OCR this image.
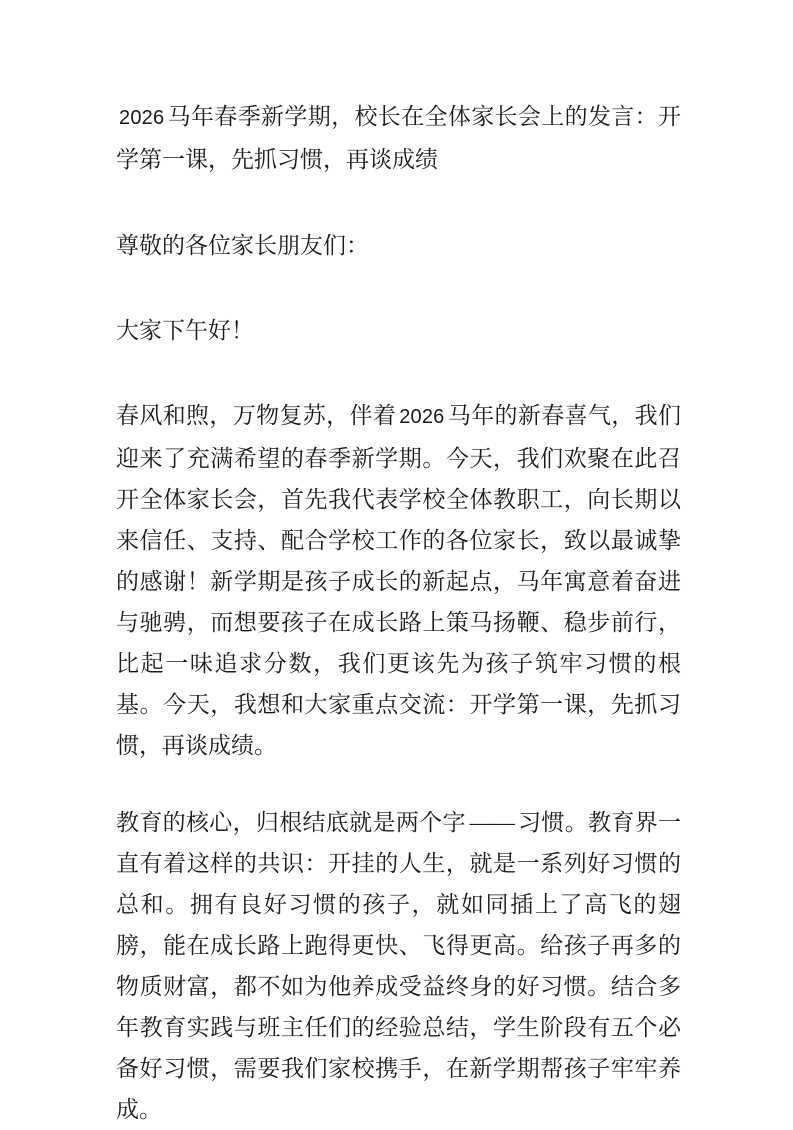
2026 马年春季新学期，校长在全体家长会上的发言：开学第一课，先抓习惯，再谈成绩

尊敬的各位家长朋友们：

大家下午好！

春风和煦，万物复苏，伴着 2026 马年的新春喜气，我们迎来了充满希望的春季新学期。今天，我们欢聚在此召开全体家长会，首先我代表学校全体教职工，向长期以来信任、支持、配合学校工作的各位家长，致以最诚挚的感谢！新学期是孩子成长的新起点，马年寓意着奋进与驰骋，而想要孩子在成长路上策马扬鞭、稳步前行，比起一味追求分数，我们更该先为孩子筑牢习惯的根基。今天，我想和大家重点交流：开学第一课，先抓习惯，再谈成绩。

教育的核心，归根结底就是两个字 —— 习惯。教育界一直有着这样的共识：开挂的人生，就是一系列好习惯的总和。拥有良好习惯的孩子，就如同插上了高飞的翅膀，能在成长路上跑得更快、飞得更高。给孩子再多的物质财富，都不如为他养成受益终身的好习惯。结合多年教育实践与班主任们的经验总结，学生阶段有五个必备好习惯，需要我们家校携手，在新学期帮孩子牢牢养成。
